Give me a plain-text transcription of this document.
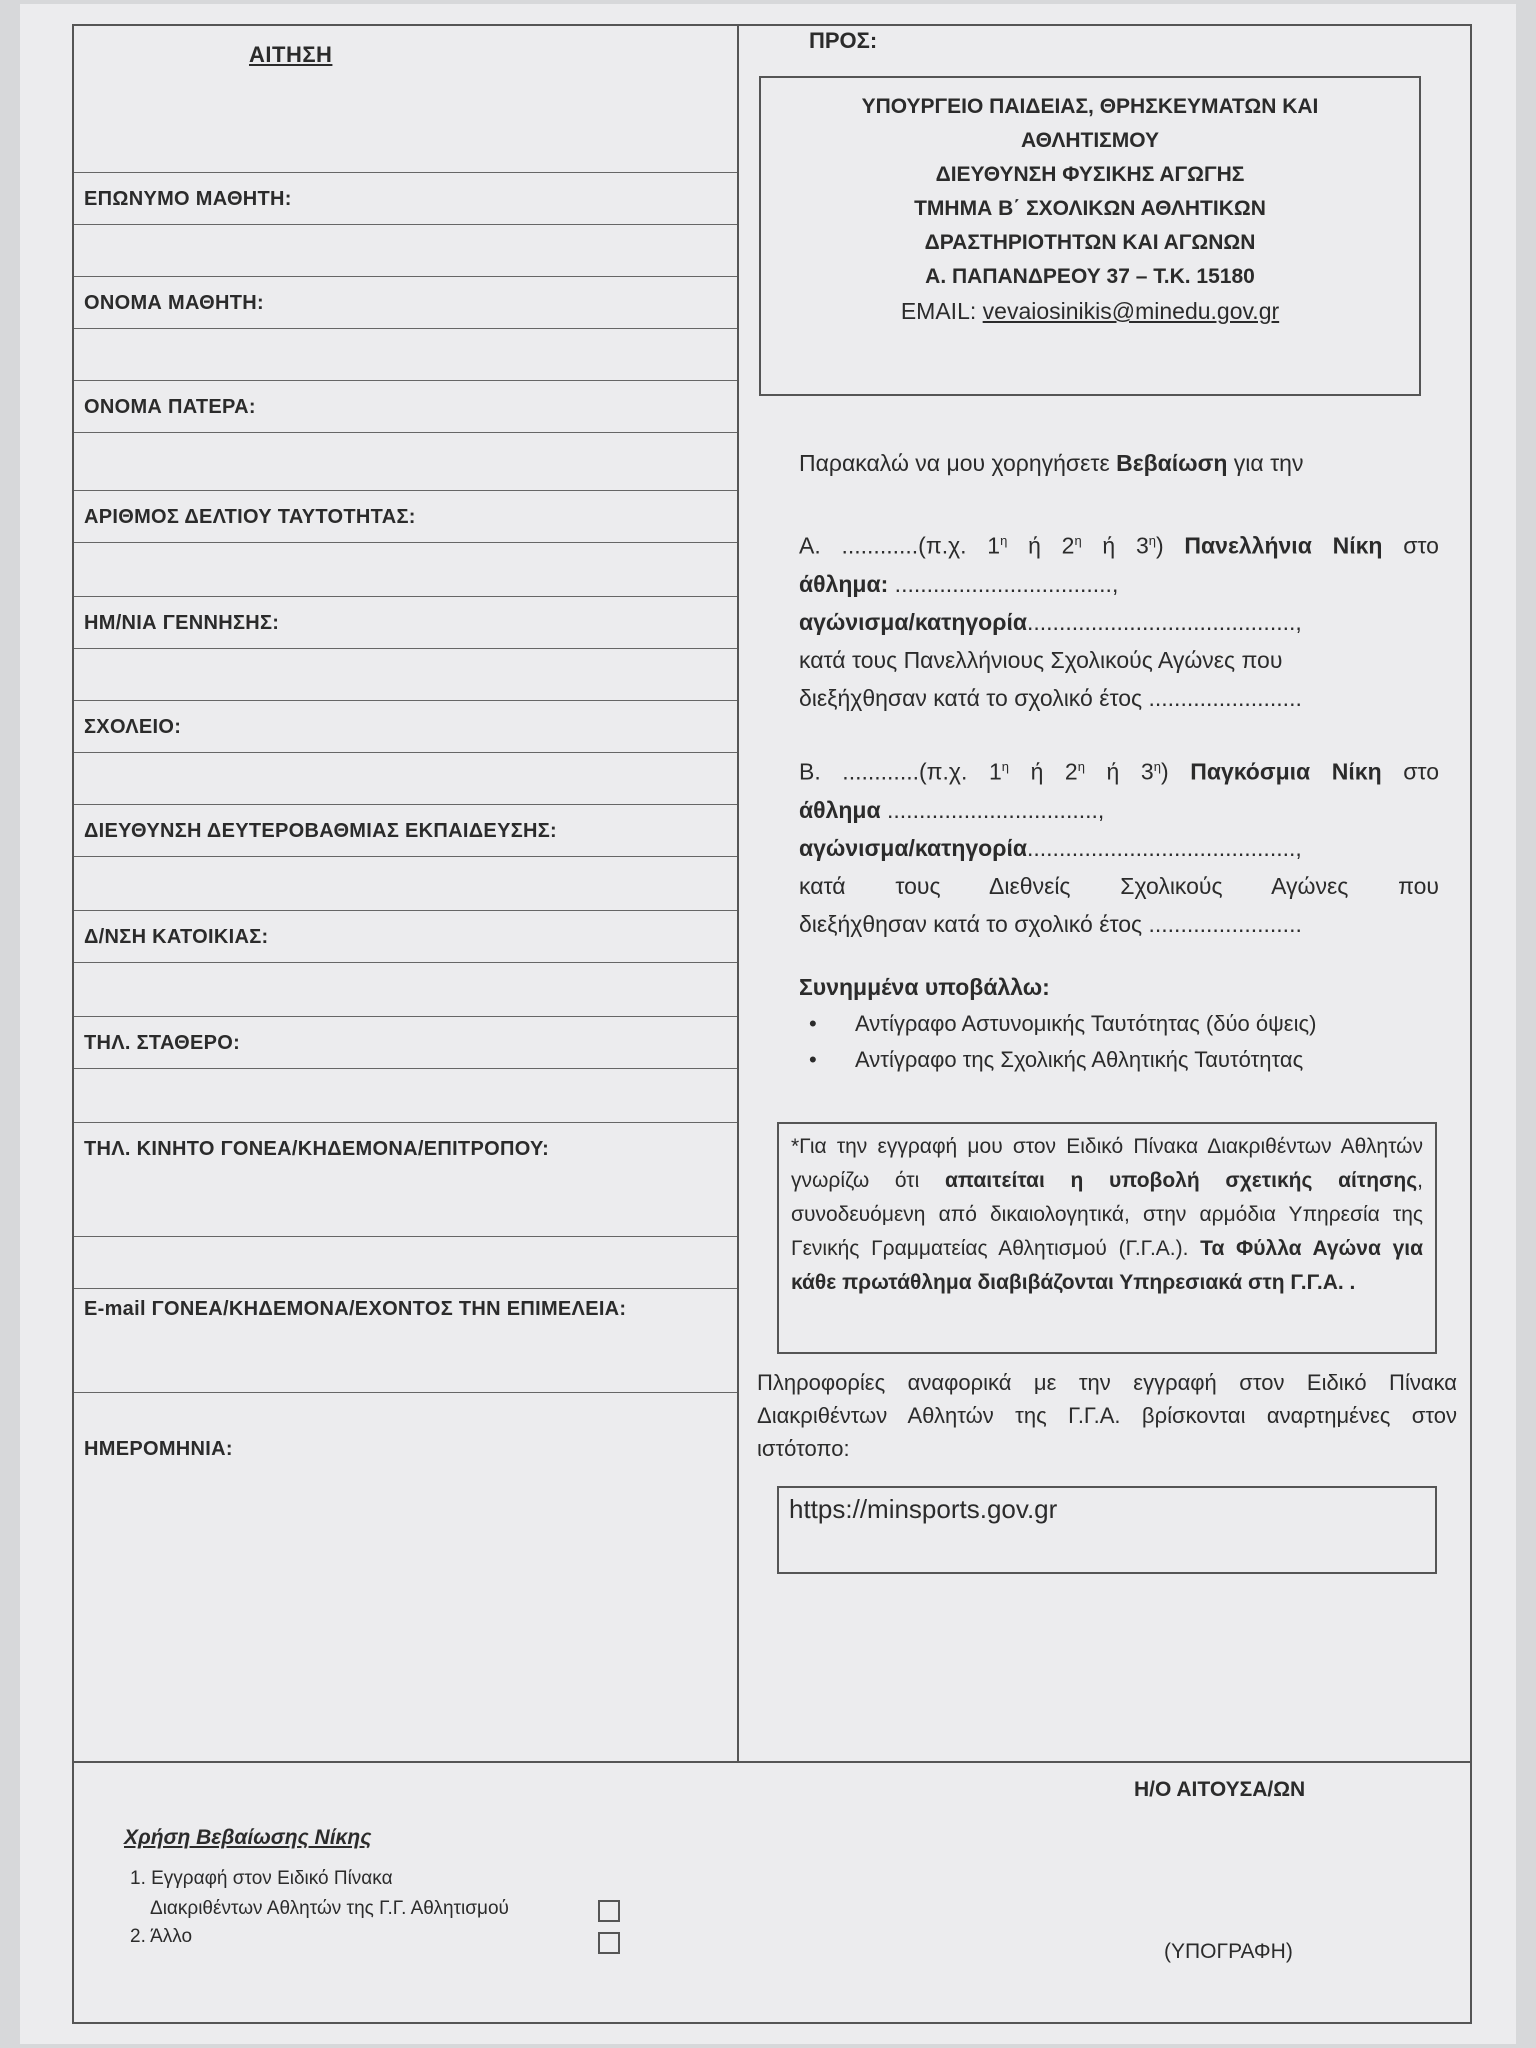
ΑΙΤΗΣΗ
ΕΠΩΝΥΜΟ ΜΑΘΗΤΗ:
ΟΝΟΜΑ ΜΑΘΗΤΗ:
ΟΝΟΜΑ ΠΑΤΕΡΑ:
ΑΡΙΘΜΟΣ ΔΕΛΤΙΟΥ ΤΑΥΤΟΤΗΤΑΣ:
ΗΜ/ΝΙΑ ΓΕΝΝΗΣΗΣ:
ΣΧΟΛΕΙΟ:
ΔΙΕΥΘΥΝΣΗ ΔΕΥΤΕΡΟΒΑΘΜΙΑΣ ΕΚΠΑΙΔΕΥΣΗΣ:
Δ/ΝΣΗ ΚΑΤΟΙΚΙΑΣ:
ΤΗΛ. ΣΤΑΘΕΡΟ:
ΤΗΛ. ΚΙΝΗΤΟ ΓΟΝΕΑ/ΚΗΔΕΜΟΝΑ/ΕΠΙΤΡΟΠΟΥ:
E-mail ΓΟΝΕΑ/ΚΗΔΕΜΟΝΑ/ΕΧΟΝΤΟΣ ΤΗΝ ΕΠΙΜΕΛΕΙΑ:
ΗΜΕΡΟΜΗΝΙΑ:
ΠΡΟΣ:
ΥΠΟΥΡΓΕΙΟ ΠΑΙΔΕΙΑΣ, ΘΡΗΣΚΕΥΜΑΤΩΝ ΚΑΙ
ΑΘΛΗΤΙΣΜΟΥ
ΔΙΕΥΘΥΝΣΗ ΦΥΣΙΚΗΣ ΑΓΩΓΗΣ
ΤΜΗΜΑ Β΄ ΣΧΟΛΙΚΩΝ ΑΘΛΗΤΙΚΩΝ
ΔΡΑΣΤΗΡΙΟΤΗΤΩΝ ΚΑΙ ΑΓΩΝΩΝ
Α. ΠΑΠΑΝΔΡΕΟΥ 37 – Τ.Κ. 15180
EMAIL: vevaiosinikis@minedu.gov.gr
Παρακαλώ να μου χορηγήσετε Βεβαίωση για την
Α. ............(π.χ. $1^\eta$ ή $2^\eta$ ή $3^\eta$) Πανελλήνια Νίκη στο
άθλημα: ..................................,
αγώνισμα/κατηγορία..........................................,
κατά τους Πανελλήνιους Σχολικούς Αγώνες που
διεξήχθησαν κατά το σχολικό έτος ........................
Β. ............(π.χ. $1^\eta$ ή $2^\eta$ ή $3^\eta$) Παγκόσμια Νίκη στο
άθλημα .................................,
αγώνισμα/κατηγορία..........................................,
κατά τους Διεθνείς Σχολικούς Αγώνες που
διεξήχθησαν κατά το σχολικό έτος ........................
Συνημμένα υποβάλλω:
• Αντίγραφο Αστυνομικής Ταυτότητας (δύο όψεις)
• Αντίγραφο της Σχολικής Αθλητικής Ταυτότητας
*Για την εγγραφή μου στον Ειδικό Πίνακα Διακριθέντων Αθλητών γνωρίζω ότι απαιτείται η υποβολή σχετικής αίτησης, συνοδευόμενη από δικαιολογητικά, στην αρμόδια Υπηρεσία της Γενικής Γραμματείας Αθλητισμού (Γ.Γ.Α.). Τα Φύλλα Αγώνα για κάθε πρωτάθλημα διαβιβάζονται Υπηρεσιακά στη Γ.Γ.Α. .
Πληροφορίες αναφορικά με την εγγραφή στον Ειδικό Πίνακα Διακριθέντων Αθλητών της Γ.Γ.Α. βρίσκονται αναρτημένες στον ιστότοπο:
https://minsports.gov.gr
Η/Ο ΑΙΤΟΥΣΑ/ΩΝ
(ΥΠΟΓΡΑΦΗ)
Χρήση Βεβαίωσης Νίκης
1. Εγγραφή στον Ειδικό Πίνακα
Διακριθέντων Αθλητών της Γ.Γ. Αθλητισμού
2. Άλλο
